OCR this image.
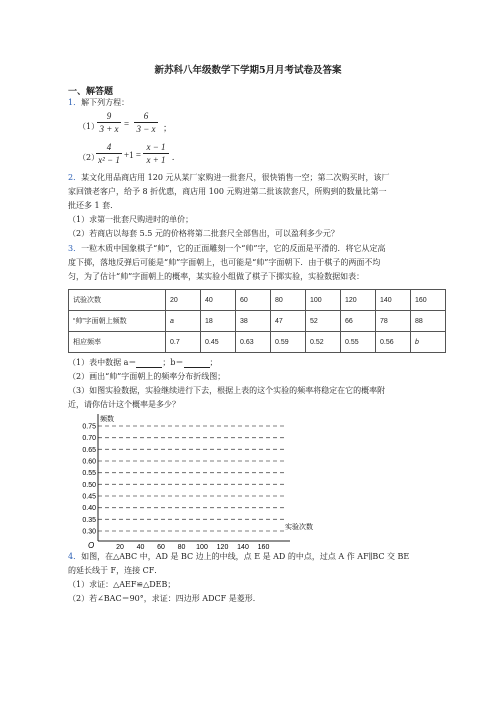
新苏科八年级数学下学期5月月考试卷及答案
一、解答题
1．解下列方程：
（1）
9
3 + x =
6
3 − x ；
（2）
4
x² − 1 +1 =
x − 1
x + 1 .
2．某文化用品商店用 120 元从某厂家购进一批套尺，很快销售一空；第二次购买时，该厂
家回馈老客户，给予 8 折优惠，商店用 100 元购进第二批该款套尺，所购到的数量比第一
批还多 1 套．
（1）求第一批套尺购进时的单价；
（2）若商店以每套 5.5 元的价格将第二批套尺全部售出，可以盈利多少元？
3．一粒木质中国象棋子“帅”，它的正面雕刻一个“帅”字，它的反面是平滑的．将它从定高
度下掷，落地反弹后可能是“帅”字面朝上，也可能是“帅”字面朝下．由于棋子的两面不均
匀，为了估计“帅”字面朝上的概率，某实验小组做了棋子下掷实验，实验数据如表：
试验次数	20	40	60	80	100	120	140	160
“帅”字面朝上频数	a	18	38	47	52	66	78	88
相应频率	0.7	0.45	0.63	0.59	0.52	0.55	0.56	b
（1）表中数据 a＝	；b＝	；
（2）画出“帅”字面朝上的频率分布折线图；
（3）如图实验数据，实验继续进行下去，根据上表的这个实验的频率将稳定在它的概率附
近，请你估计这个概率是多少？
频数
实验次数
O
0.75
0.70
0.65
0.60
0.55
0.50
0.45
0.40
0.35
0.30
20 40 60 80 100 120 140 160
4．如图，在△ABC 中，AD 是 BC 边上的中线，点 E 是 AD 的中点，过点 A 作 AF∥BC 交 BE
的延长线于 F，连接 CF．
（1）求证：△AEF≌△DEB；
（2）若∠BAC＝90°，求证：四边形 ADCF 是菱形．
